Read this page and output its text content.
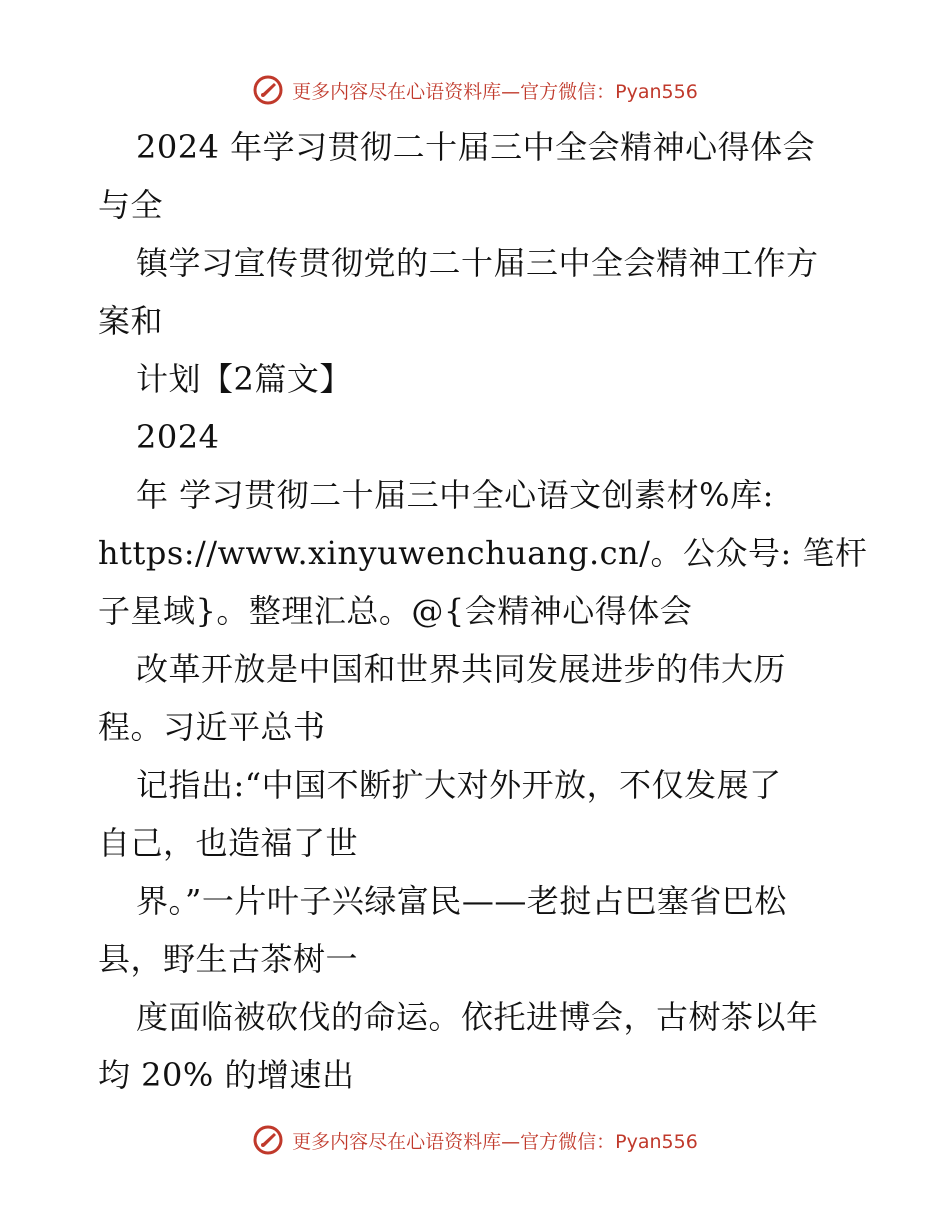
更多内容尽在心语资料库—官方微信：Pyan556
2024 年学习贯彻二十届三中全会精神心得体会
与全
镇学习宣传贯彻党的二十届三中全会精神工作方
案和
计划【2篇文】
2024
年 学习贯彻二十届三中全心语文创素材%库:
https://www.xinyuwenchuang.cn/。公众号: 笔杆
子星域}。整理汇总。@{会精神心得体会
改革开放是中国和世界共同发展进步的伟大历
程。习近平总书
记指出:“中国不断扩大对外开放，不仅发展了
自己，也造福了世
界。”一片叶子兴绿富民——老挝占巴塞省巴松
县，野生古茶树一
度面临被砍伐的命运。依托进博会，古树茶以年
均 20% 的增速出
更多内容尽在心语资料库—官方微信：Pyan556
